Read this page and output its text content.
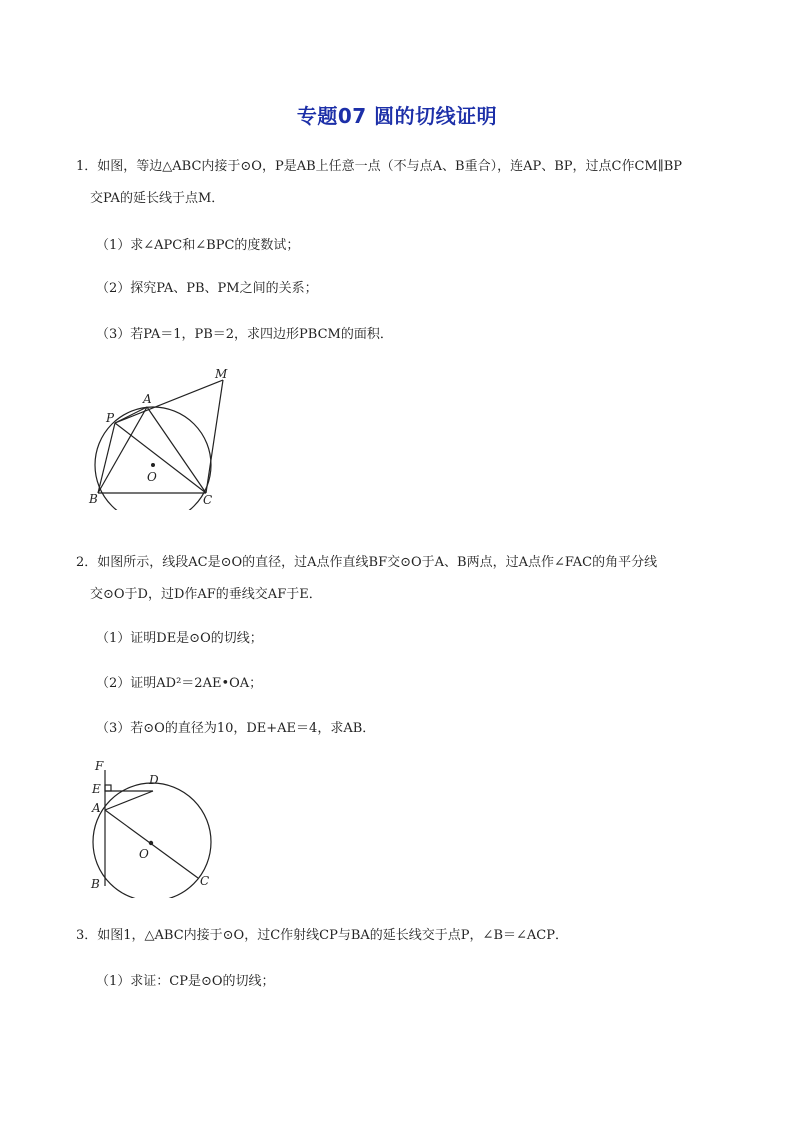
专题07 圆的切线证明
1．如图，等边△ABC内接于⊙O，P是AB上任意一点（不与点A、B重合），连AP、BP，过点C作CM∥BP
交PA的延长线于点M．
（1）求∠APC和∠BPC的度数试；
（2）探究PA、PB、PM之间的关系；
（3）若PA＝1，PB＝2，求四边形PBCM的面积．
M
A
P
O
B	C
2．如图所示，线段AC是⊙O的直径，过A点作直线BF交⊙O于A、B两点，过A点作∠FAC的角平分线
交⊙O于D，过D作AF的垂线交AF于E．
（1）证明DE是⊙O的切线；
（2）证明AD²＝2AE•OA；
（3）若⊙O的直径为10，DE+AE＝4，求AB．
F
E
D
A
O
B	C
3．如图1，△ABC内接于⊙O，过C作射线CP与BA的延长线交于点P，∠B＝∠ACP．
（1）求证：CP是⊙O的切线；
